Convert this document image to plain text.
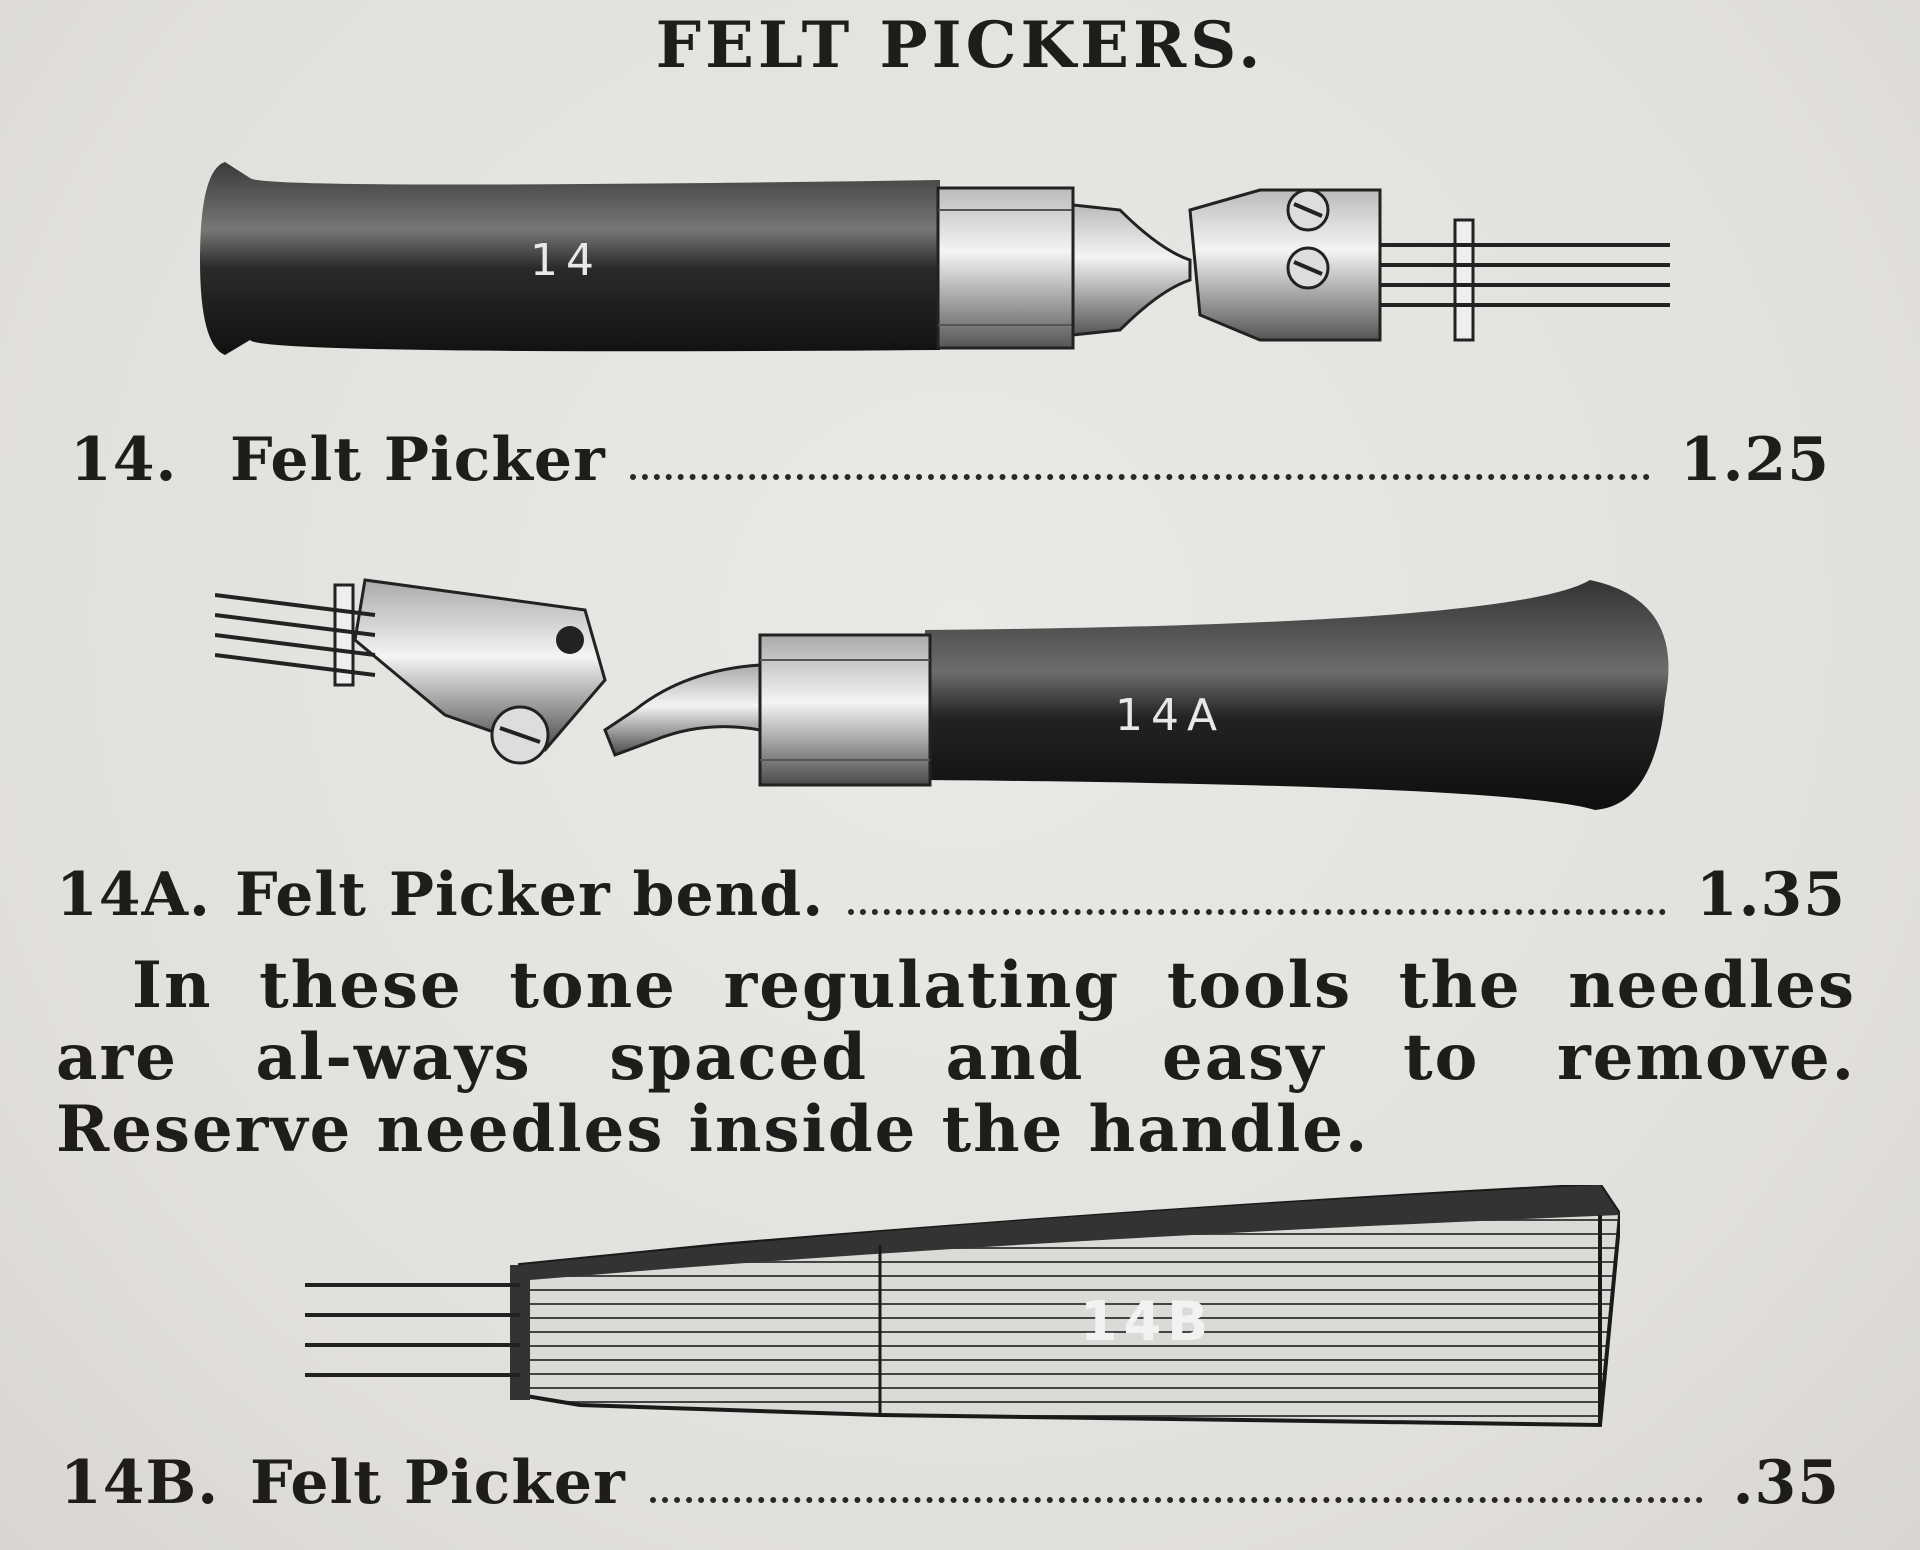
FELT PICKERS.
14
14. Felt Picker	1.25
14A
14A. Felt Picker bend.	1.35
In these tone regulating tools the needles are al-ways spaced and easy to remove. Reserve needles inside the handle.
14B
14B. Felt Picker	.35
